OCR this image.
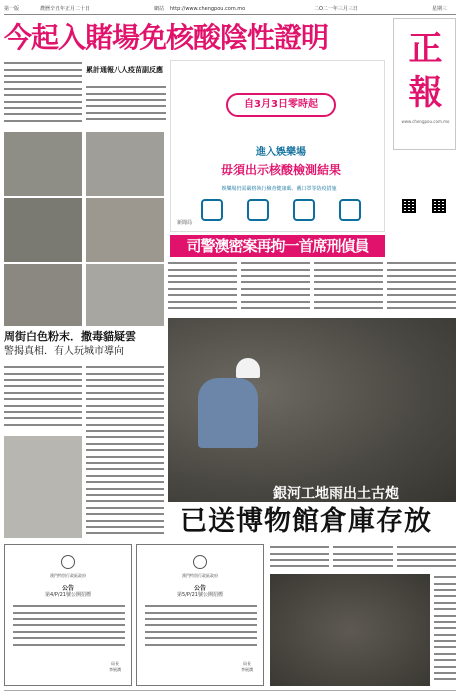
第一版	農曆辛丑年正月二十日	網站 http://www.chengpou.com.mo	二O二一年三月三日	星期三
今起入賭場免核酸陰性證明	正
報
www.chengpou.com.mo
累計通報八人疫苗副反應
自3月3日零時起
進入娛樂場
毋須出示核酸檢測結果
娛樂場仍需嚴格執行檢查健康碼、戴口罩等防疫措施
新聞局
周街白色粉末．撒毒貓疑雲
警揭真相．有人玩城市導向
司警澳密案再拘一首席刑偵員
銀河工地雨出土古炮
已送博物館倉庫存放
澳門特別行政區政府
公告
第4/P/21號公開招標
局長
李展潤
澳門特別行政區政府
公告
第5/P/21號公開招標
局長
李展潤
